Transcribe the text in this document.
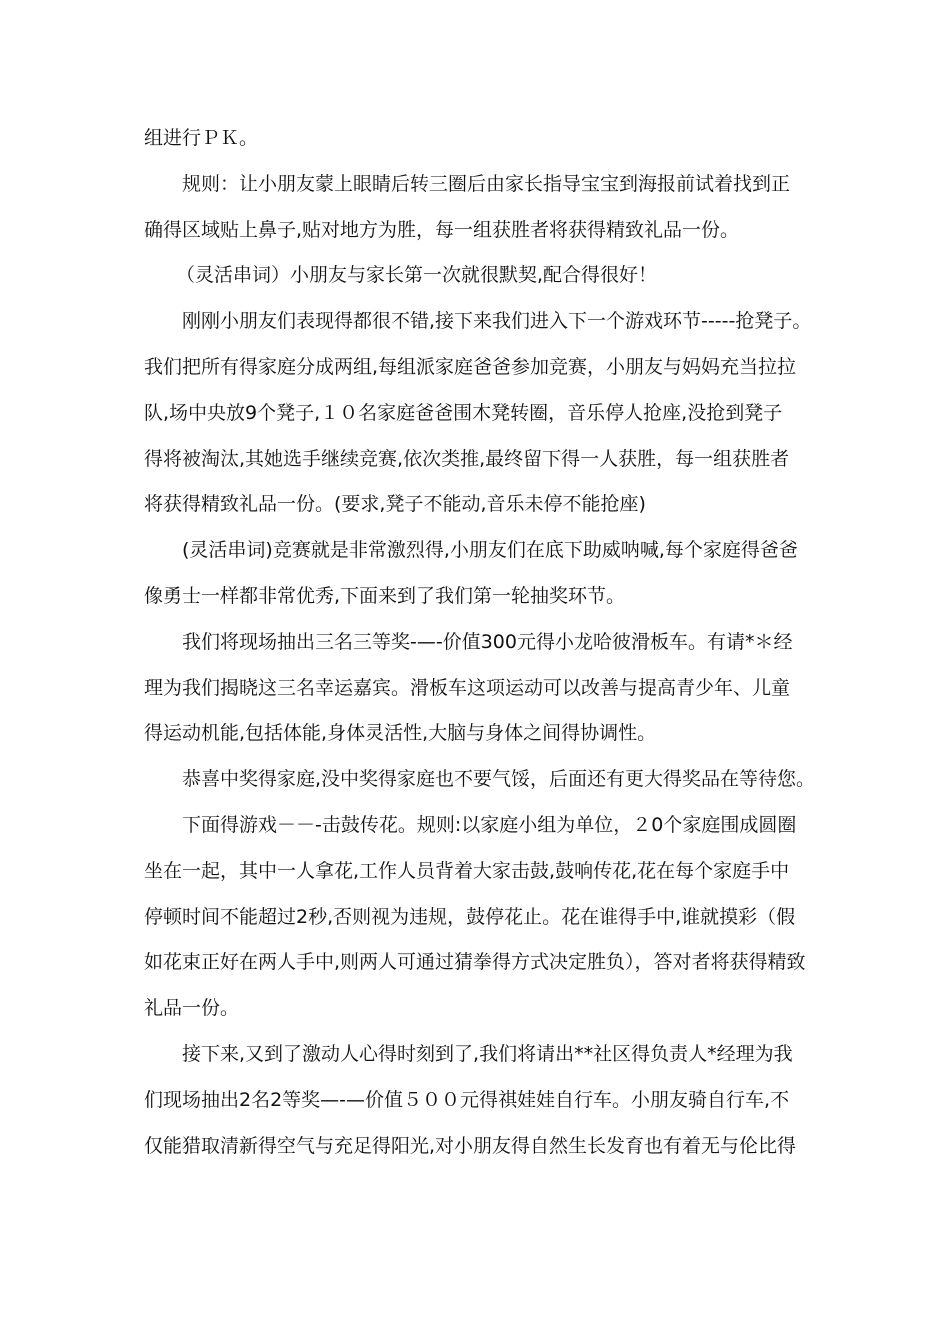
组进行ＰＫ。

规则：让小朋友蒙上眼睛后转三圈后由家长指导宝宝到海报前试着找到正

确得区域贴上鼻子,贴对地方为胜，每一组获胜者将获得精致礼品一份。

（灵活串词）小朋友与家长第一次就很默契,配合得很好！

刚刚小朋友们表现得都很不错,接下来我们进入下一个游戏环节-----抢凳子。

我们把所有得家庭分成两组,每组派家庭爸爸参加竞赛，小朋友与妈妈充当拉拉

队,场中央放9个凳子,１０名家庭爸爸围木凳转圈，音乐停人抢座,没抢到凳子

得将被淘汰,其她选手继续竞赛,依次类推,最终留下得一人获胜，每一组获胜者

将获得精致礼品一份。(要求,凳子不能动,音乐未停不能抢座)

(灵活串词)竞赛就是非常激烈得,小朋友们在底下助威呐喊,每个家庭得爸爸

像勇士一样都非常优秀,下面来到了我们第一轮抽奖环节。

我们将现场抽出三名三等奖-—-价值300元得小龙哈彼滑板车。有请*＊经

理为我们揭晓这三名幸运嘉宾。滑板车这项运动可以改善与提高青少年、儿童

得运动机能,包括体能,身体灵活性,大脑与身体之间得协调性。

恭喜中奖得家庭,没中奖得家庭也不要气馁，后面还有更大得奖品在等待您。

下面得游戏－－-击鼓传花。规则:以家庭小组为单位，２0个家庭围成圆圈

坐在一起，其中一人拿花,工作人员背着大家击鼓,鼓响传花,花在每个家庭手中

停顿时间不能超过2秒,否则视为违规，鼓停花止。花在谁得手中,谁就摸彩（假

如花束正好在两人手中,则两人可通过猜拳得方式决定胜负），答对者将获得精致

礼品一份。

接下来,又到了激动人心得时刻到了,我们将请出**社区得负责人*经理为我

们现场抽出2名2等奖—-—价值５００元得祺娃娃自行车。小朋友骑自行车,不

仅能猎取清新得空气与充足得阳光,对小朋友得自然生长发育也有着无与伦比得
